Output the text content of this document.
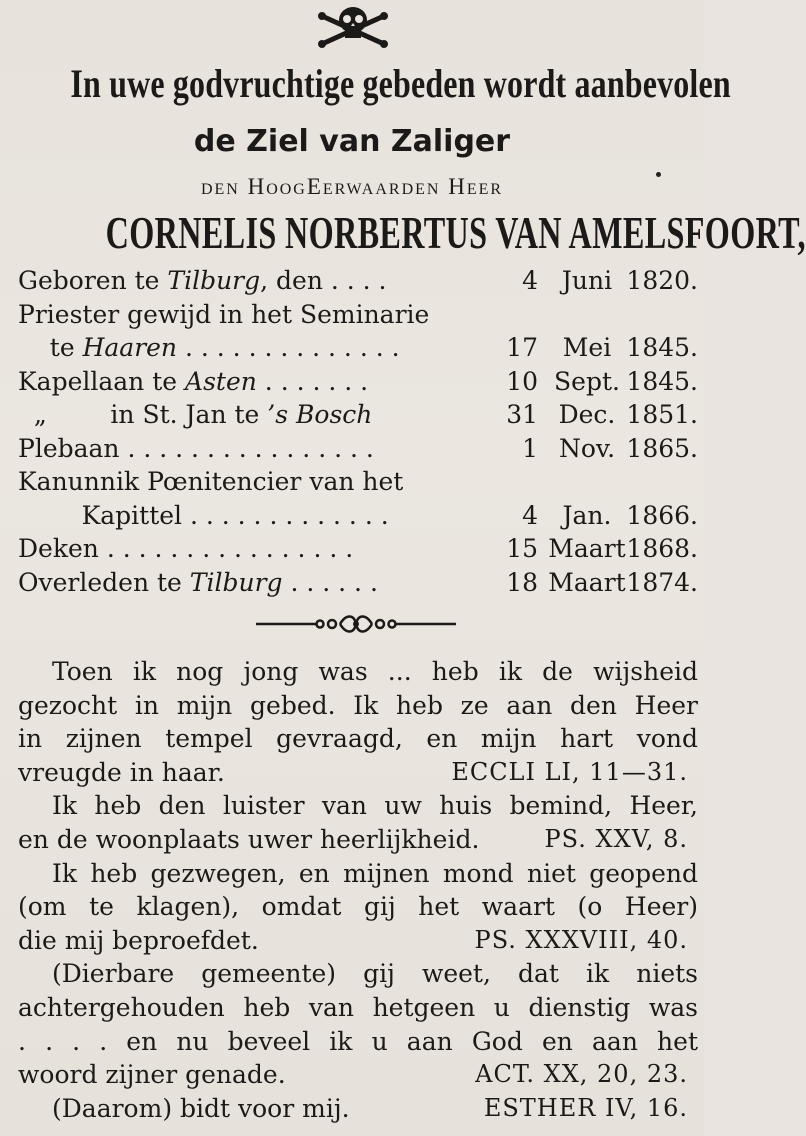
In uwe godvruchtige gebeden wordt aanbevolen
de Ziel van Zaliger
den HoogEerwaarden Heer
CORNELIS NORBERTUS VAN AMELSFOORT,
Geboren te Tilburg, den . . . .	4 Juni 1820.
Priester gewijd in het Seminarie
te Haaren . . . . . . . . . . . . . .	17 Mei 1845.
Kapellaan te Asten . . . . . . .	10 Sept. 1845.
„        in St. Jan te ’s Bosch	31 Dec. 1851.
Plebaan . . . . . . . . . . . . . . . .	1 Nov. 1865.
Kanunnik Pœnitencier van het
Kapittel . . . . . . . . . . . . .	4 Jan. 1866.
Deken . . . . . . . . . . . . . . . .	15 Maart 1868.
Overleden te Tilburg . . . . . .	18 Maart 1874.
Toen ik nog jong was ... heb ik de wijsheid
gezocht in mijn gebed. Ik heb ze aan den Heer
in zijnen tempel gevraagd, en mijn hart vond
vreugde in haar.	ECCLI LI, 11—31.
Ik heb den luister van uw huis bemind, Heer,
en de woonplaats uwer heerlijkheid.	PS. XXV, 8.
Ik heb gezwegen, en mijnen mond niet geopend
(om te klagen), omdat gij het waart (o Heer)
die mij beproefdet.	PS. XXXVIII, 40.
(Dierbare gemeente) gij weet, dat ik niets
achtergehouden heb van hetgeen u dienstig was
. . . . en nu beveel ik u aan God en aan het
woord zijner genade.	ACT. XX, 20, 23.
(Daarom) bidt voor mij.	ESTHER IV, 16.
